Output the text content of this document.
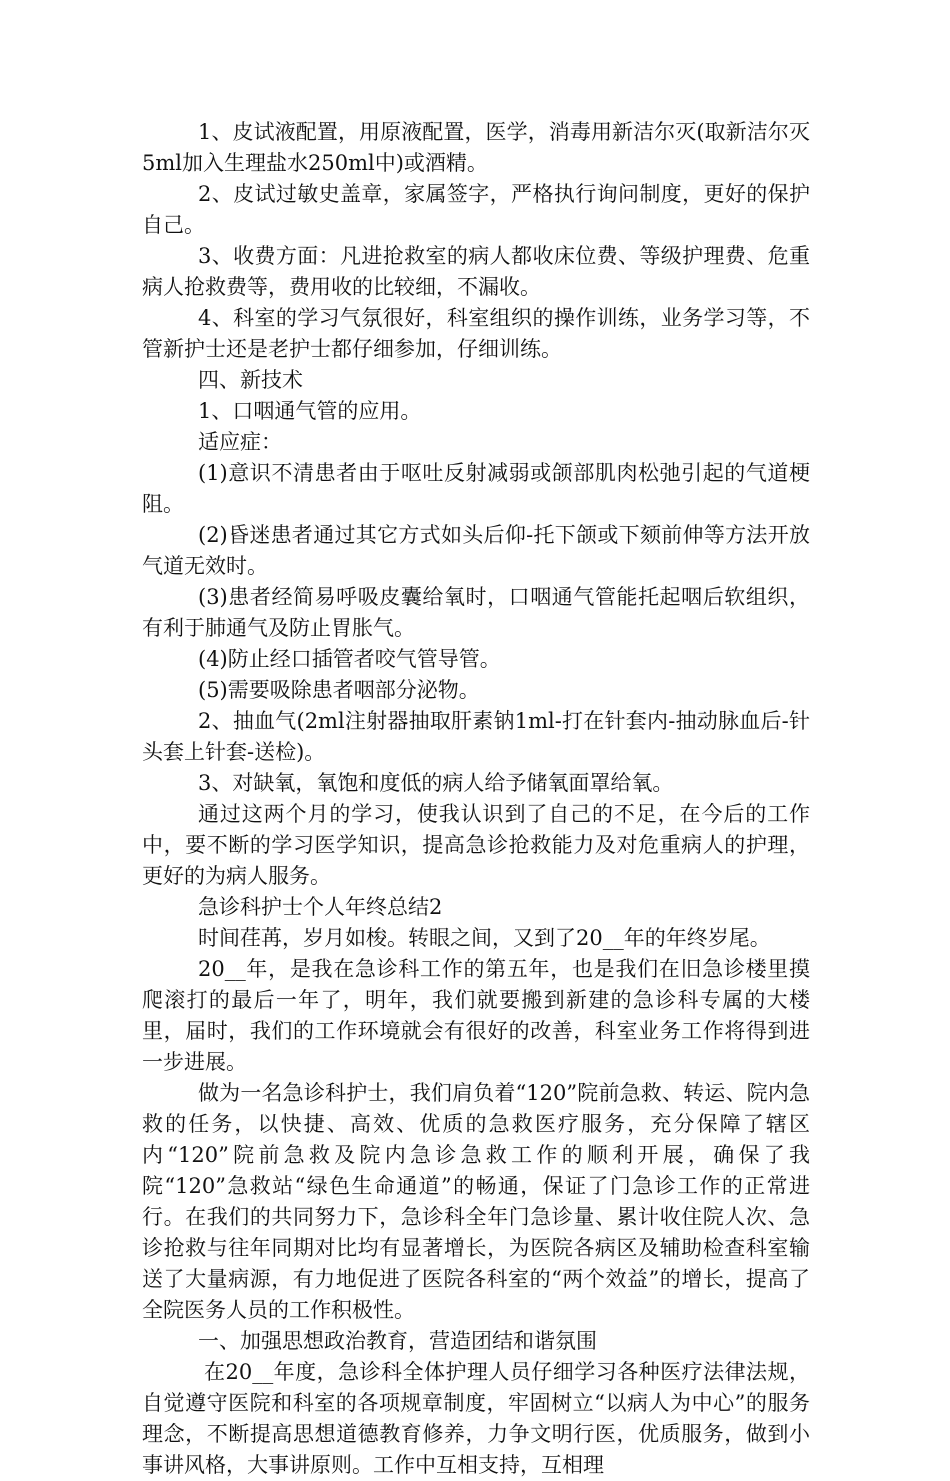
1、皮试液配置，用原液配置，医学，消毒用新洁尔灭(取新洁尔灭5ml加入生理盐水250ml中)或酒精。

2、皮试过敏史盖章，家属签字，严格执行询问制度，更好的保护自己。

3、收费方面：凡进抢救室的病人都收床位费、等级护理费、危重病人抢救费等，费用收的比较细，不漏收。

4、科室的学习气氛很好，科室组织的操作训练，业务学习等，不管新护士还是老护士都仔细参加，仔细训练。

四、新技术

1、口咽通气管的应用。

适应症：

(1)意识不清患者由于呕吐反射减弱或颌部肌肉松弛引起的气道梗阻。

(2)昏迷患者通过其它方式如头后仰-托下颌或下颏前伸等方法开放气道无效时。

(3)患者经简易呼吸皮囊给氧时，口咽通气管能托起咽后软组织，有利于肺通气及防止胃胀气。

(4)防止经口插管者咬气管导管。

(5)需要吸除患者咽部分泌物。

2、抽血气(2ml注射器抽取肝素钠1ml-打在针套内-抽动脉血后-针头套上针套-送检)。

3、对缺氧，氧饱和度低的病人给予储氧面罩给氧。

通过这两个月的学习，使我认识到了自己的不足，在今后的工作中，要不断的学习医学知识，提高急诊抢救能力及对危重病人的护理，更好的为病人服务。

急诊科护士个人年终总结2

时间荏苒，岁月如梭。转眼之间，又到了20__年的年终岁尾。

20__年，是我在急诊科工作的第五年，也是我们在旧急诊楼里摸爬滚打的最后一年了，明年，我们就要搬到新建的急诊科专属的大楼里，届时，我们的工作环境就会有很好的改善，科室业务工作将得到进一步进展。

做为一名急诊科护士，我们肩负着“120”院前急救、转运、院内急救的任务，以快捷、高效、优质的急救医疗服务，充分保障了辖区内“120”院前急救及院内急诊急救工作的顺利开展，确保了我院“120”急救站“绿色生命通道”的畅通，保证了门急诊工作的正常进行。在我们的共同努力下，急诊科全年门急诊量、累计收住院人次、急诊抢救与往年同期对比均有显著增长，为医院各病区及辅助检查科室输送了大量病源，有力地促进了医院各科室的“两个效益”的增长，提高了全院医务人员的工作积极性。

一、加强思想政治教育，营造团结和谐氛围

在20__年度，急诊科全体护理人员仔细学习各种医疗法律法规，自觉遵守医院和科室的各项规章制度，牢固树立“以病人为中心”的服务理念，不断提高思想道德教育修养，力争文明行医，优质服务，做到小事讲风格，大事讲原则。工作中互相支持，互相理
